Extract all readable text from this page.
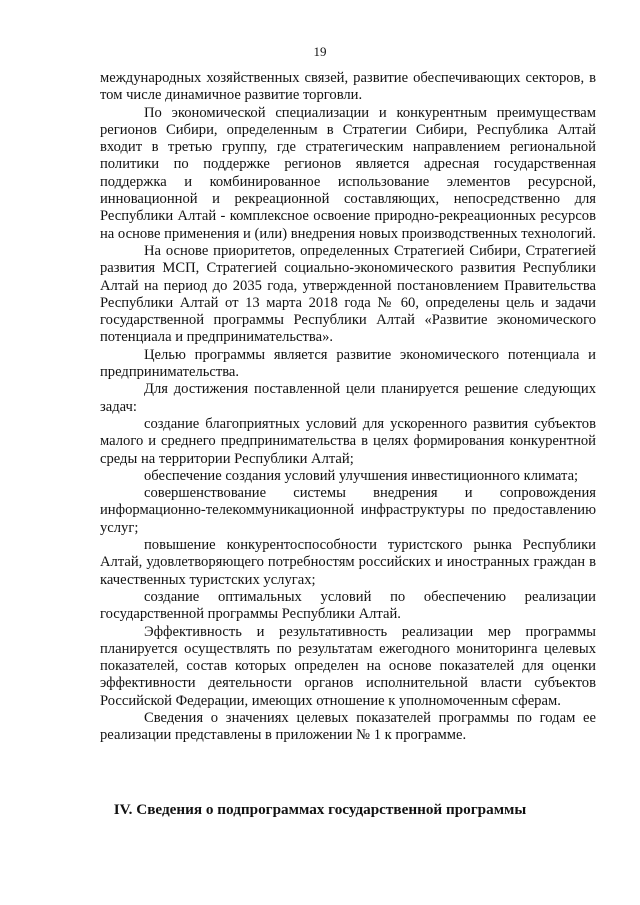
19

международных хозяйственных связей, развитие обеспечивающих секторов, в том числе динамичное развитие торговли.

По экономической специализации и конкурентным преимуществам регионов Сибири, определенным в Стратегии Сибири, Республика Алтай входит в третью группу, где стратегическим направлением региональной политики по поддержке регионов является адресная государственная поддержка и комбинированное использование элементов ресурсной, инновационной и рекреационной составляющих, непосредственно для Республики Алтай - комплексное освоение природно-рекреационных ресурсов на основе применения и (или) внедрения новых производственных технологий.

На основе приоритетов, определенных Стратегией Сибири, Стратегией развития МСП, Стратегией социально-экономического развития Республики Алтай на период до 2035 года, утвержденной постановлением Правительства Республики Алтай от 13 марта 2018 года № 60, определены цель и задачи государственной программы Республики Алтай «Развитие экономического потенциала и предпринимательства».

Целью программы является развитие экономического потенциала и предпринимательства.

Для достижения поставленной цели планируется решение следующих задач:

создание благоприятных условий для ускоренного развития субъектов малого и среднего предпринимательства в целях формирования конкурентной среды на территории Республики Алтай;

обеспечение создания условий улучшения инвестиционного климата;

совершенствование системы внедрения и сопровождения информационно-телекоммуникационной инфраструктуры по предоставлению услуг;

повышение конкурентоспособности туристского рынка Республики Алтай, удовлетворяющего потребностям российских и иностранных граждан в качественных туристских услугах;

создание оптимальных условий по обеспечению реализации государственной программы Республики Алтай.

Эффективность и результативность реализации мер программы планируется осуществлять по результатам ежегодного мониторинга целевых показателей, состав которых определен на основе показателей для оценки эффективности деятельности органов исполнительной власти субъектов Российской Федерации, имеющих отношение к уполномоченным сферам.

Сведения о значениях целевых показателей программы по годам ее реализации представлены в приложении № 1 к программе.

IV. Сведения о подпрограммах государственной программы
